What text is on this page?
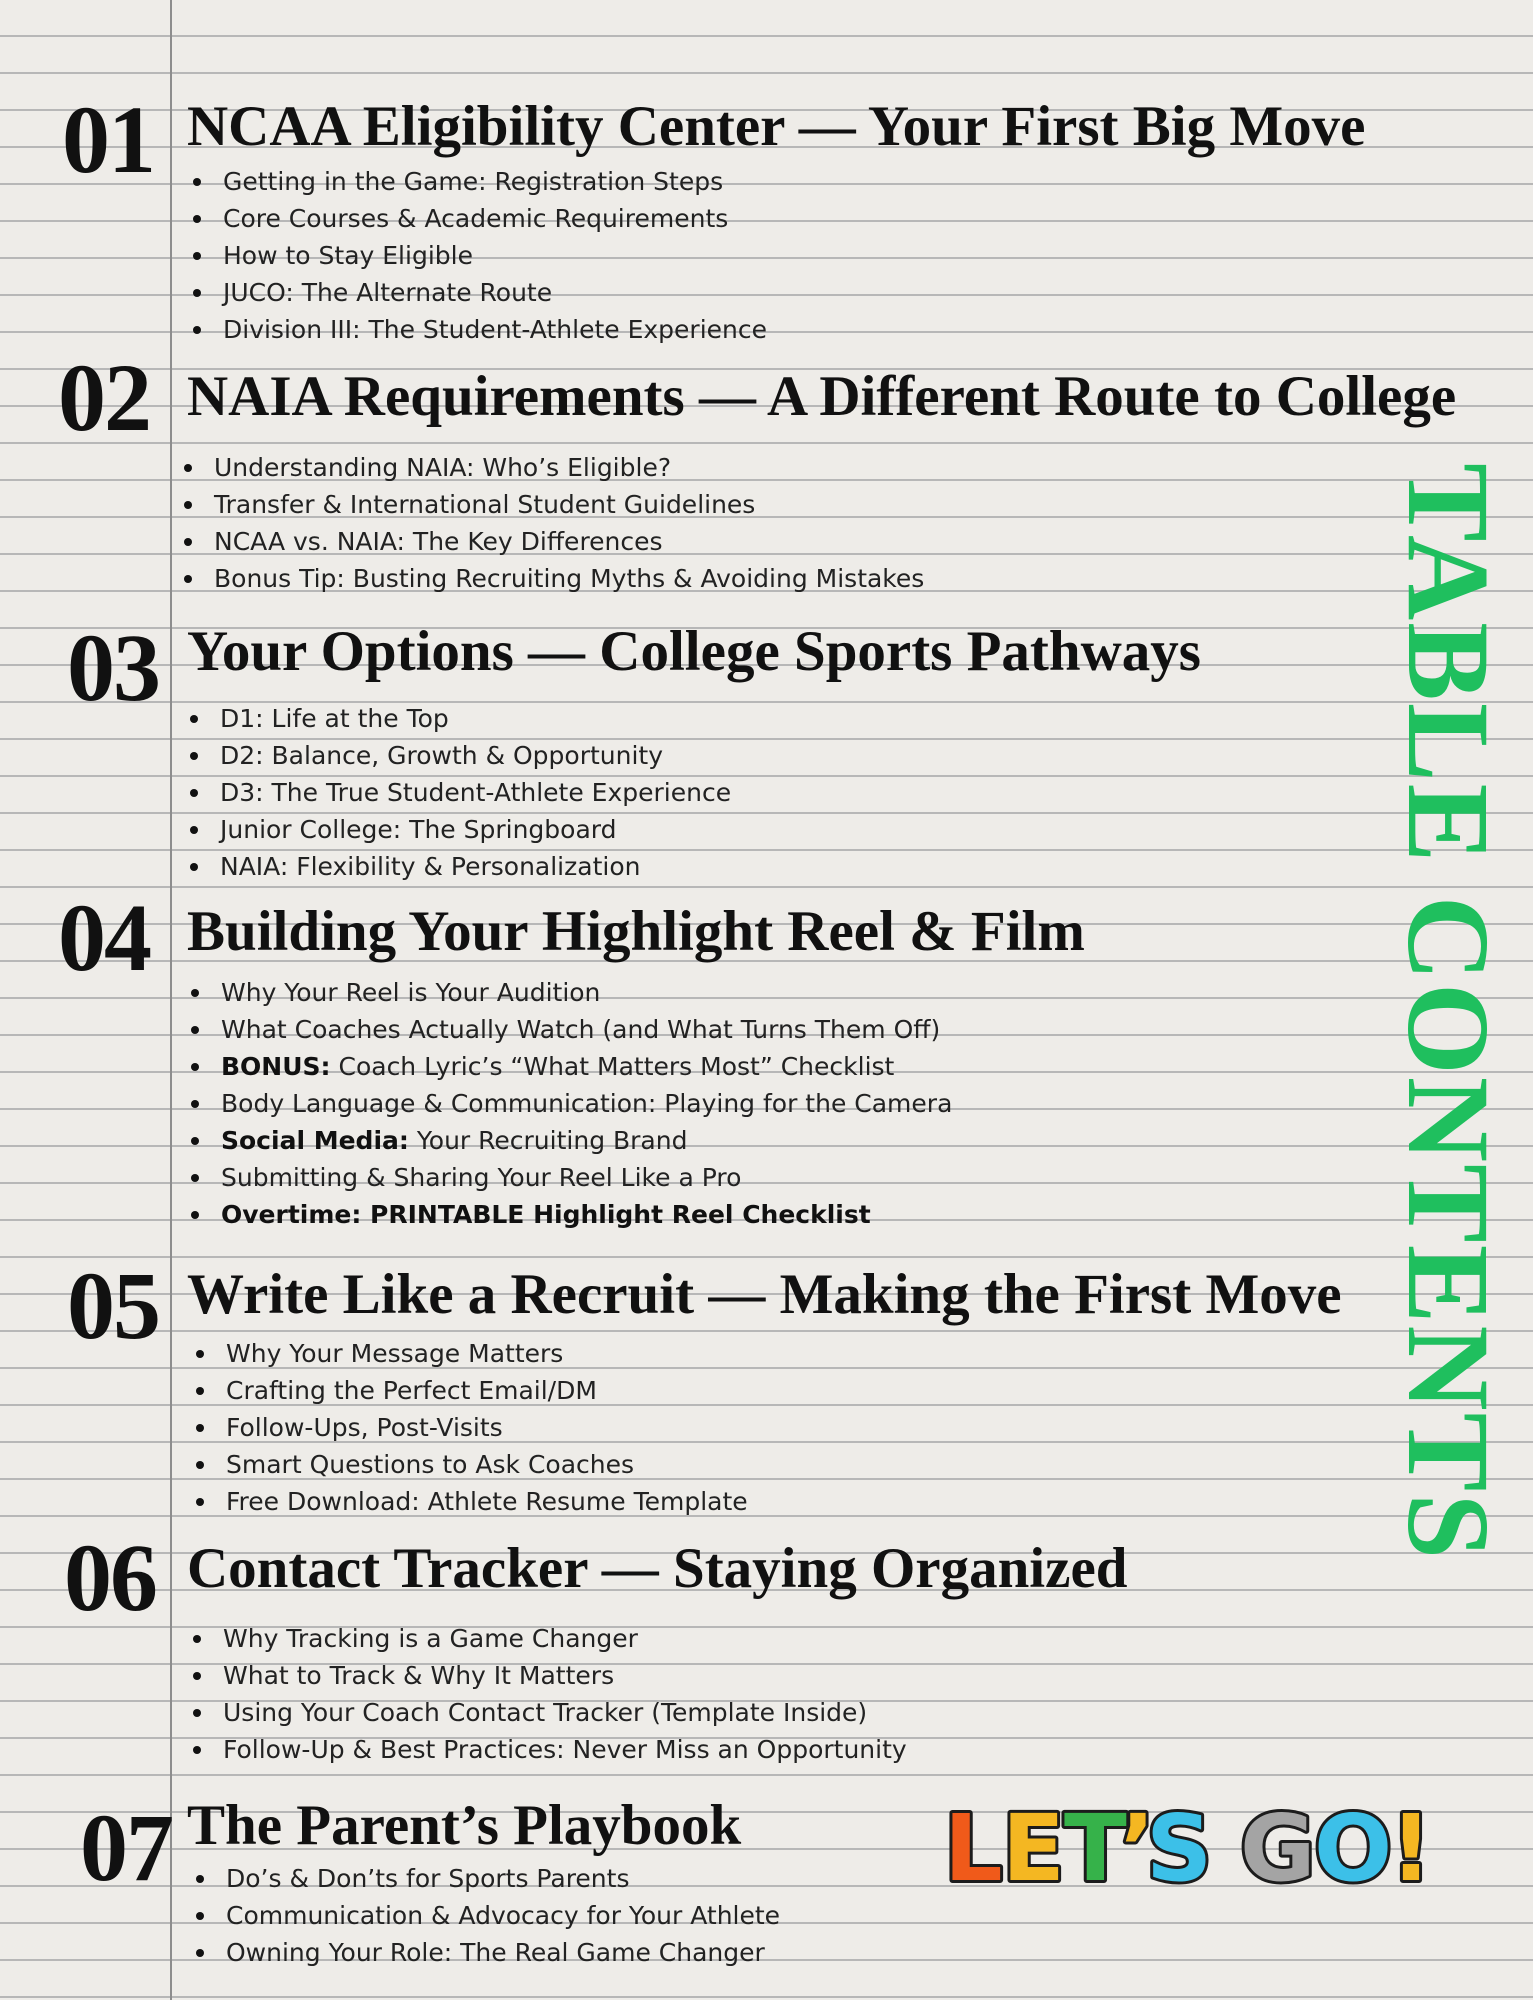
TABLE CONTENTS
01 NCAA Eligibility Center — Your First Big Move
Getting in the Game: Registration Steps
Core Courses & Academic Requirements
How to Stay Eligible
JUCO: The Alternate Route
Division III: The Student-Athlete Experience
02 NAIA Requirements — A Different Route to College
Understanding NAIA: Who’s Eligible?
Transfer & International Student Guidelines
NCAA vs. NAIA: The Key Differences
Bonus Tip: Busting Recruiting Myths & Avoiding Mistakes
03 Your Options — College Sports Pathways
D1: Life at the Top
D2: Balance, Growth & Opportunity
D3: The True Student-Athlete Experience
Junior College: The Springboard
NAIA: Flexibility & Personalization
04 Building Your Highlight Reel & Film
Why Your Reel is Your Audition
What Coaches Actually Watch (and What Turns Them Off)
BONUS: Coach Lyric’s “What Matters Most” Checklist
Body Language & Communication: Playing for the Camera
Social Media: Your Recruiting Brand
Submitting & Sharing Your Reel Like a Pro
Overtime: PRINTABLE Highlight Reel Checklist
05 Write Like a Recruit — Making the First Move
Why Your Message Matters
Crafting the Perfect Email/DM
Follow-Ups, Post-Visits
Smart Questions to Ask Coaches
Free Download: Athlete Resume Template
06 Contact Tracker — Staying Organized
Why Tracking is a Game Changer
What to Track & Why It Matters
Using Your Coach Contact Tracker (Template Inside)
Follow-Up & Best Practices: Never Miss an Opportunity
07 The Parent’s Playbook
Do’s & Don’ts for Sports Parents
Communication & Advocacy for Your Athlete
Owning Your Role: The Real Game Changer
L E T
’
S G
O
!
